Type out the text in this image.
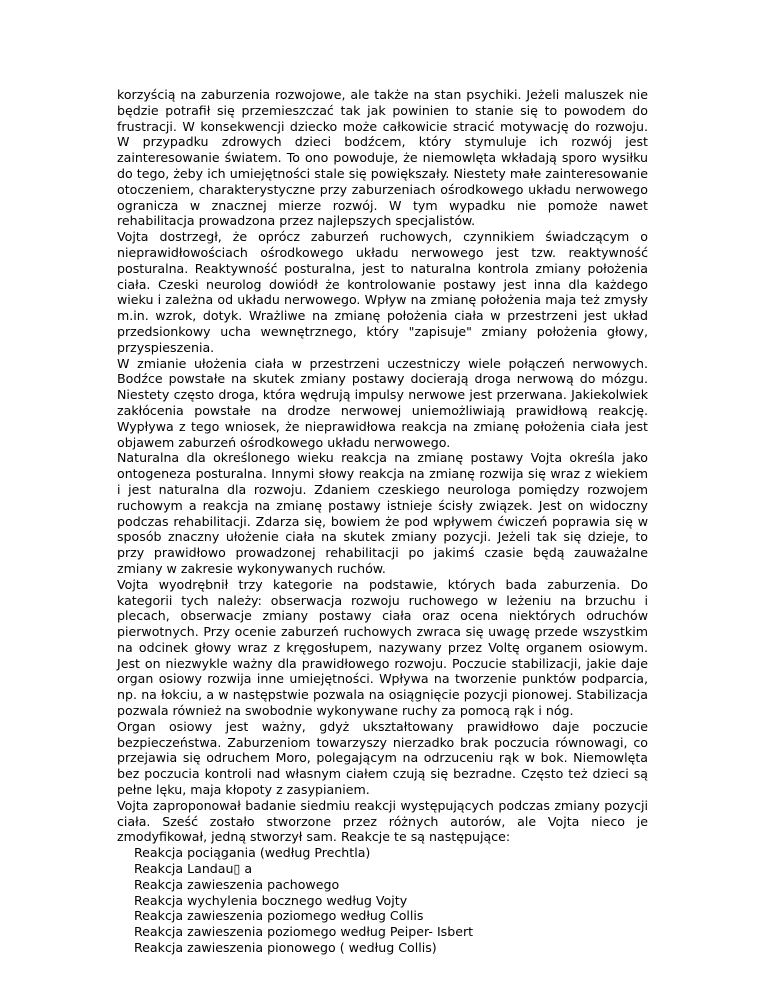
korzyścią na zaburzenia rozwojowe, ale także na stan psychiki. Jeżeli maluszek nie będzie potrafił się przemieszczać tak jak powinien to stanie się to powodem do frustracji. W konsekwencji dziecko może całkowicie stracić motywację do rozwoju. W przypadku zdrowych dzieci bodźcem, który stymuluje ich rozwój jest zainteresowanie światem. To ono powoduje, że niemowlęta wkładają sporo wysiłku do tego, żeby ich umiejętności stale się powiększały. Niestety małe zainteresowanie otoczeniem, charakterystyczne przy zaburzeniach ośrodkowego układu nerwowego ogranicza w znacznej mierze rozwój. W tym wypadku nie pomoże nawet rehabilitacja prowadzona przez najlepszych specjalistów.

Vojta dostrzegł, że oprócz zaburzeń ruchowych, czynnikiem świadczącym o nieprawidłowościach ośrodkowego układu nerwowego jest tzw. reaktywność posturalna. Reaktywność posturalna, jest to naturalna kontrola zmiany położenia ciała. Czeski neurolog dowiódł że kontrolowanie postawy jest inna dla każdego wieku i zależna od układu nerwowego. Wpływ na zmianę położenia maja też zmysły m.in. wzrok, dotyk. Wrażliwe na zmianę położenia ciała w przestrzeni jest układ przedsionkowy ucha wewnętrznego, który "zapisuje" zmiany położenia głowy, przyspieszenia.

W zmianie ułożenia ciała w przestrzeni uczestniczy wiele połączeń nerwowych. Bodźce powstałe na skutek zmiany postawy docierają droga nerwową do mózgu. Niestety często droga, która wędrują impulsy nerwowe jest przerwana. Jakiekolwiek zakłócenia powstałe na drodze nerwowej uniemożliwiają prawidłową reakcję. Wypływa z tego wniosek, że nieprawidłowa reakcja na zmianę położenia ciała jest objawem zaburzeń ośrodkowego układu nerwowego.

Naturalna dla określonego wieku reakcja na zmianę postawy Vojta określa jako ontogeneza posturalna. Innymi słowy reakcja na zmianę rozwija się wraz z wiekiem i jest naturalna dla rozwoju. Zdaniem czeskiego neurologa pomiędzy rozwojem ruchowym a reakcja na zmianę postawy istnieje ścisły związek. Jest on widoczny podczas rehabilitacji. Zdarza się, bowiem że pod wpływem ćwiczeń poprawia się w sposób znaczny ułożenie ciała na skutek zmiany pozycji. Jeżeli tak się dzieje, to przy prawidłowo prowadzonej rehabilitacji po jakimś czasie będą zauważalne zmiany w zakresie wykonywanych ruchów.

Vojta wyodrębnił trzy kategorie na podstawie, których bada zaburzenia. Do kategorii tych należy: obserwacja rozwoju ruchowego w leżeniu na brzuchu i plecach, obserwacje zmiany postawy ciała oraz ocena niektórych odruchów pierwotnych. Przy ocenie zaburzeń ruchowych zwraca się uwagę przede wszystkim na odcinek głowy wraz z kręgosłupem, nazywany przez Voltę organem osiowym. Jest on niezwykle ważny dla prawidłowego rozwoju. Poczucie stabilizacji, jakie daje organ osiowy rozwija inne umiejętności. Wpływa na tworzenie punktów podparcia, np. na łokciu, a w następstwie pozwala na osiągnięcie pozycji pionowej. Stabilizacja pozwala również na swobodnie wykonywane ruchy za pomocą rąk i nóg.

Organ osiowy jest ważny, gdyż ukształtowany prawidłowo daje poczucie bezpieczeństwa. Zaburzeniom towarzyszy nierzadko brak poczucia równowagi, co przejawia się odruchem Moro, polegającym na odrzuceniu rąk w bok. Niemowlęta bez poczucia kontroli nad własnym ciałem czują się bezradne. Często też dzieci są pełne lęku, maja kłopoty z zasypianiem.

Vojta zaproponował badanie siedmiu reakcji występujących podczas zmiany pozycji ciała. Sześć zostało stworzone przez różnych autorów, ale Vojta nieco je zmodyfikował, jedną stworzył sam. Reakcje te są następujące:

Reakcja pociągania (według Prechtla)
Reakcja Landau▯ a
Reakcja zawieszenia pachowego
Reakcja wychylenia bocznego według Vojty
Reakcja zawieszenia poziomego według Collis
Reakcja zawieszenia poziomego według Peiper- Isbert
Reakcja zawieszenia pionowego ( według Collis)
